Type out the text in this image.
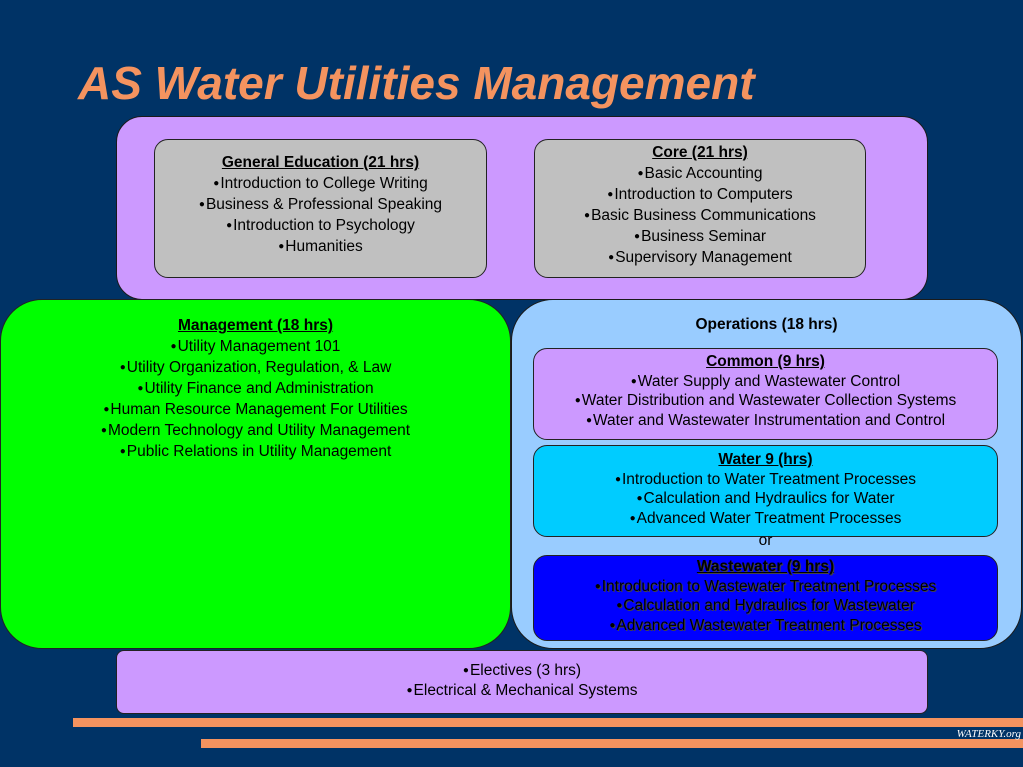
AS Water Utilities Management
General Education (21 hrs)
●Introduction to College Writing
●Business & Professional Speaking
●Introduction to Psychology
●Humanities
Core (21 hrs)
●Basic Accounting
●Introduction to Computers
●Basic Business Communications
●Business Seminar
●Supervisory Management
Management (18 hrs)
●Utility Management 101
●Utility Organization, Regulation, & Law
●Utility Finance and Administration
●Human Resource Management For Utilities
●Modern Technology and Utility Management
●Public Relations in Utility Management
Operations (18 hrs)
Common (9 hrs)
●Water Supply and Wastewater Control
●Water Distribution and Wastewater Collection Systems
●Water and Wastewater Instrumentation and Control
Water 9 (hrs)
●Introduction to Water Treatment Processes
●Calculation and Hydraulics for Water
●Advanced Water Treatment Processes
or
Wastewater (9 hrs)
●Introduction to Wastewater Treatment Processes
●Calculation and Hydraulics for Wastewater
●Advanced Wastewater Treatment Processes
●Electives (3 hrs)
●Electrical & Mechanical Systems
WATERKY.org
